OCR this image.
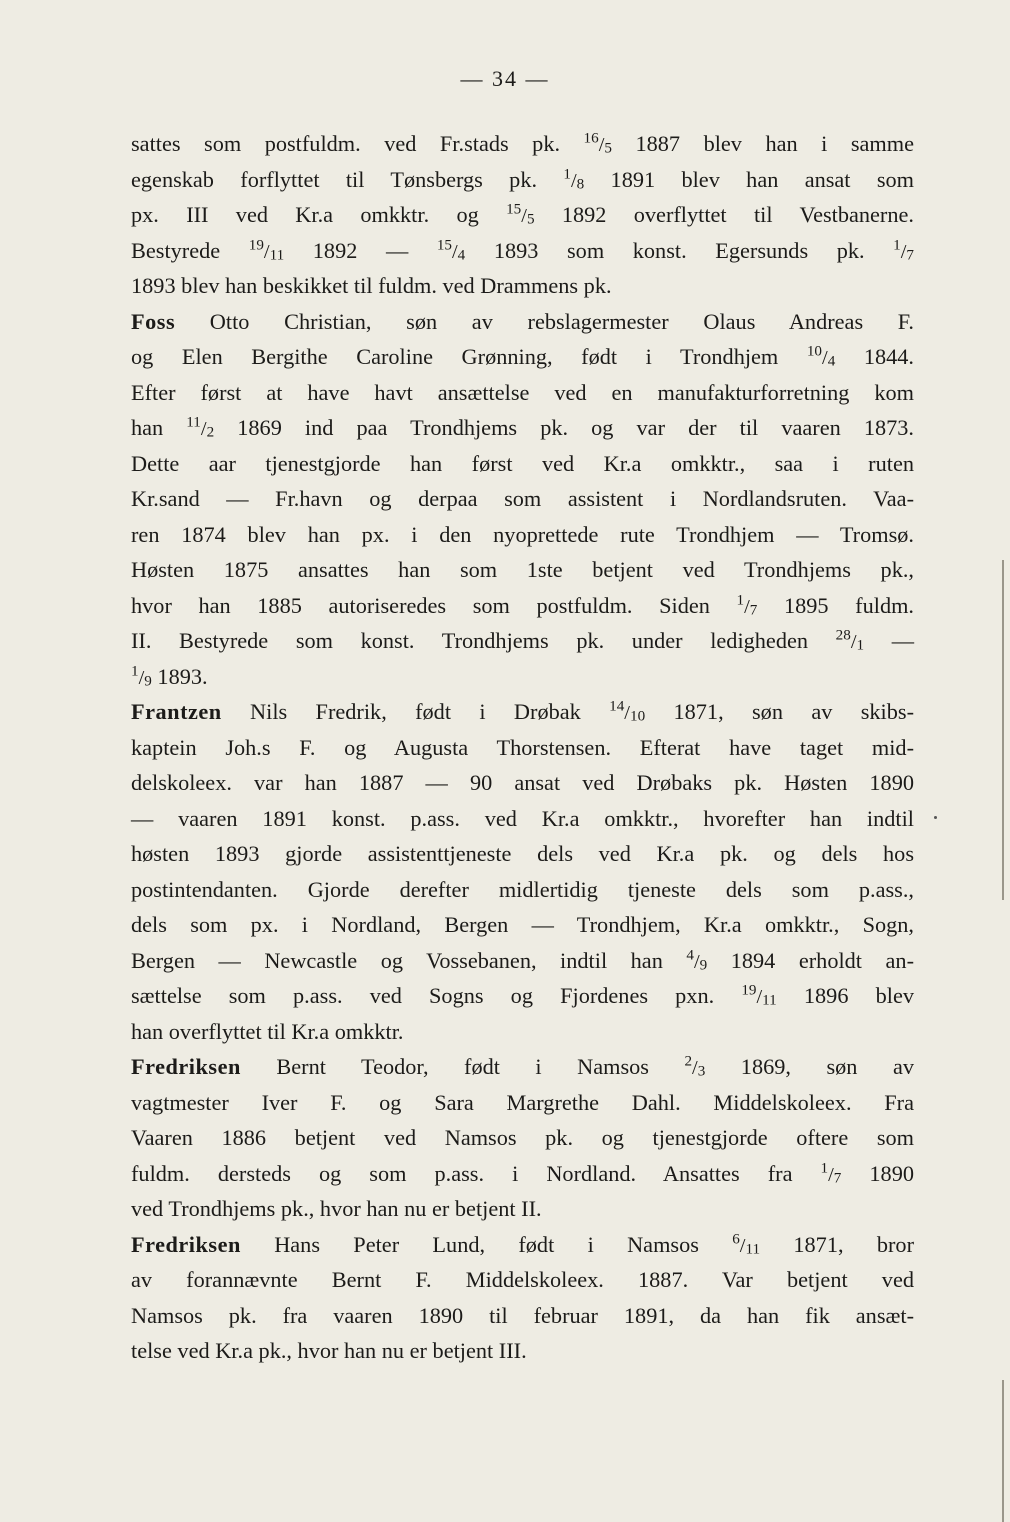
— 34 —
sattes som postfuldm. ved Fr.stads pk. $^{16}/_5$ 1887 blev han i samme
egenskab forflyttet til Tønsbergs pk. $^1/_8$ 1891 blev han ansat som
px. III ved Kr.a omkktr. og $^{15}/_5$ 1892 overflyttet til Vestbanerne.
Bestyrede $^{19}/_{11}$ 1892 — $^{15}/_4$ 1893 som konst. Egersunds pk. $^1/_7$
1893 blev han beskikket til fuldm. ved Drammens pk.
Foss Otto Christian, søn av rebslagermester Olaus Andreas F.
og Elen Bergithe Caroline Grønning, født i Trondhjem $^{10}/_4$ 1844.
Efter først at have havt ansættelse ved en manufakturforretning kom
han $^{11}/_2$ 1869 ind paa Trondhjems pk. og var der til vaaren 1873.
Dette aar tjenestgjorde han først ved Kr.a omkktr., saa i ruten
Kr.sand — Fr.havn og derpaa som assistent i Nordlandsruten. Vaa-
ren 1874 blev han px. i den nyoprettede rute Trondhjem — Tromsø.
Høsten 1875 ansattes han som 1ste betjent ved Trondhjems pk.,
hvor han 1885 autoriseredes som postfuldm. Siden $^1/_7$ 1895 fuldm.
II. Bestyrede som konst. Trondhjems pk. under ledigheden $^{28}/_1$ —
$^1/_9$ 1893.
Frantzen Nils Fredrik, født i Drøbak $^{14}/_{10}$ 1871, søn av skibs-
kaptein Joh.s F. og Augusta Thorstensen. Efterat have taget mid-
delskoleex. var han 1887 — 90 ansat ved Drøbaks pk. Høsten 1890
— vaaren 1891 konst. p.ass. ved Kr.a omkktr., hvorefter han indtil
høsten 1893 gjorde assistenttjeneste dels ved Kr.a pk. og dels hos
postintendanten. Gjorde derefter midlertidig tjeneste dels som p.ass.,
dels som px. i Nordland, Bergen — Trondhjem, Kr.a omkktr., Sogn,
Bergen — Newcastle og Vossebanen, indtil han $^4/_9$ 1894 erholdt an-
sættelse som p.ass. ved Sogns og Fjordenes pxn. $^{19}/_{11}$ 1896 blev
han overflyttet til Kr.a omkktr.
Fredriksen Bernt Teodor, født i Namsos $^2/_3$ 1869, søn av
vagtmester Iver F. og Sara Margrethe Dahl. Middelskoleex. Fra
Vaaren 1886 betjent ved Namsos pk. og tjenestgjorde oftere som
fuldm. dersteds og som p.ass. i Nordland. Ansattes fra $^1/_7$ 1890
ved Trondhjems pk., hvor han nu er betjent II.
Fredriksen Hans Peter Lund, født i Namsos $^6/_{11}$ 1871, bror
av forannævnte Bernt F. Middelskoleex. 1887. Var betjent ved
Namsos pk. fra vaaren 1890 til februar 1891, da han fik ansæt-
telse ved Kr.a pk., hvor han nu er betjent III.
